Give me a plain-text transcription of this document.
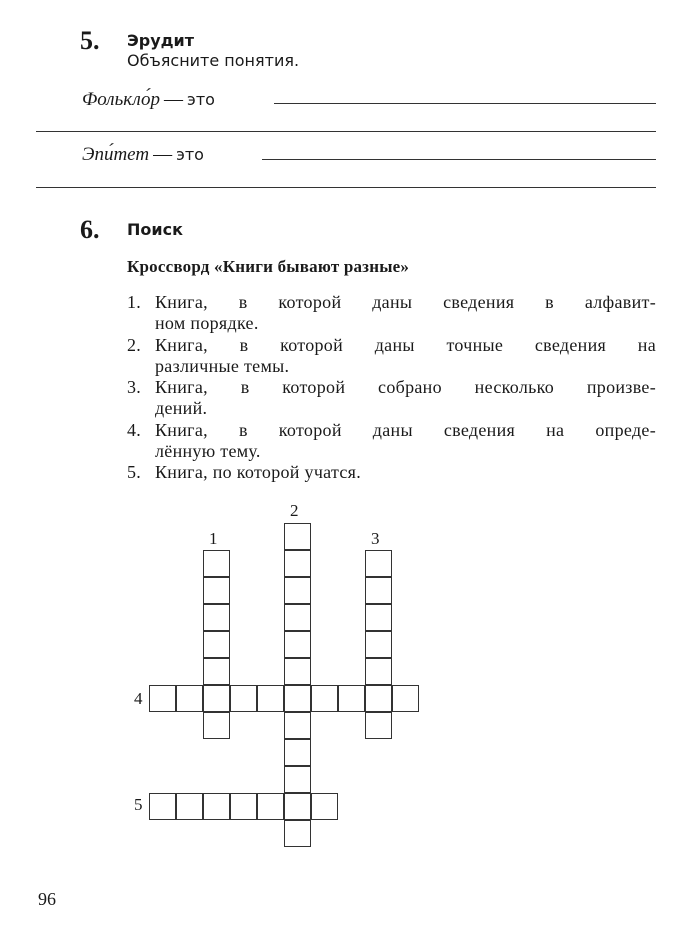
5. Эрудит
Объясните понятия.
Фолькло́р — это
Эпи́тет — это
6. Поиск
Кроссворд «Книги бывают разные»
1. Книга, в которой даны сведения в алфавит-
ном порядке.
2. Книга, в которой даны точные сведения на
различные темы.
3. Книга, в которой собрано несколько произве-
дений.
4. Книга, в которой даны сведения на опреде-
лённую тему.
5. Книга, по которой учатся.
1
2
3
4
5
96
